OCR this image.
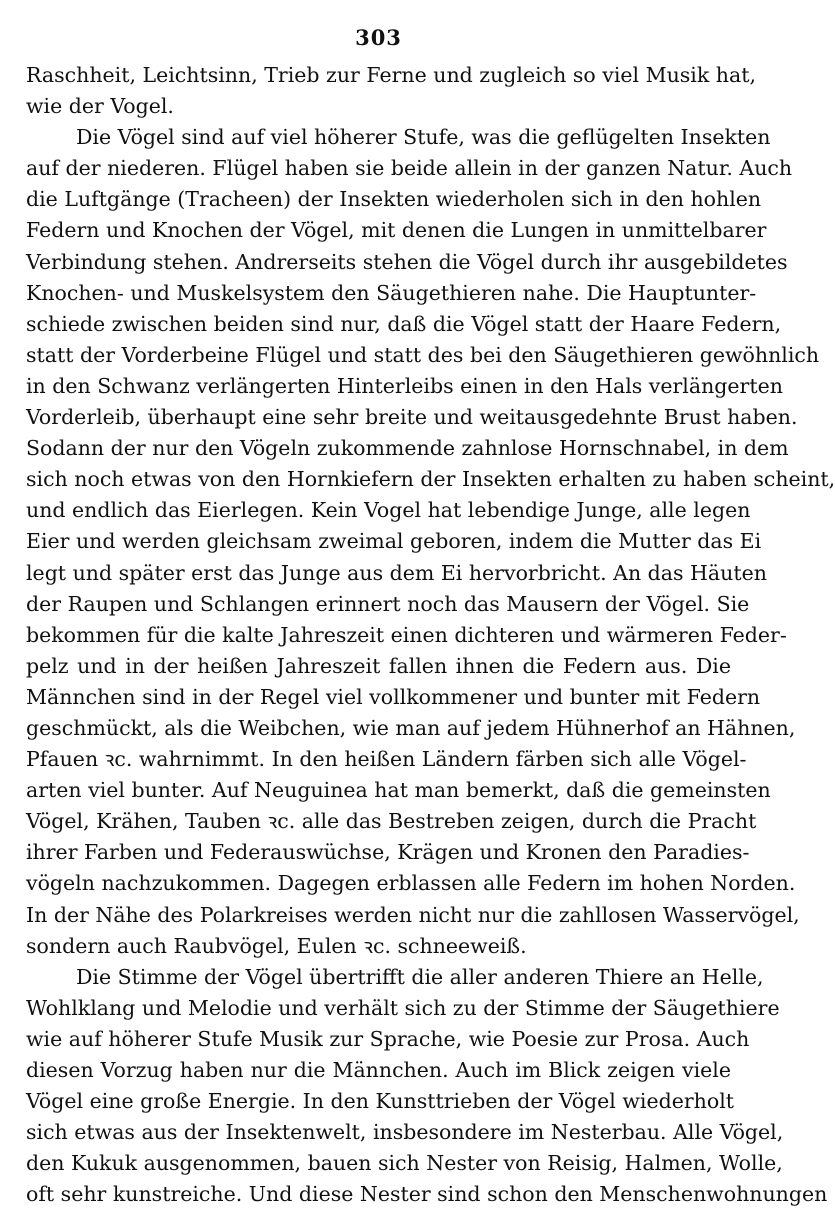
303
Raschheit, Leichtsinn, Trieb zur Ferne und zugleich so viel Musik hat,
wie der Vogel.
Die Vögel sind auf viel höherer Stufe, was die geflügelten Insekten
auf der niederen. Flügel haben sie beide allein in der ganzen Natur. Auch
die Luftgänge (Tracheen) der Insekten wiederholen sich in den hohlen
Federn und Knochen der Vögel, mit denen die Lungen in unmittelbarer
Verbindung stehen. Andrerseits stehen die Vögel durch ihr ausgebildetes
Knochen- und Muskelsystem den Säugethieren nahe. Die Hauptunter-
schiede zwischen beiden sind nur, daß die Vögel statt der Haare Federn,
statt der Vorderbeine Flügel und statt des bei den Säugethieren gewöhnlich
in den Schwanz verlängerten Hinterleibs einen in den Hals verlängerten
Vorderleib, überhaupt eine sehr breite und weitausgedehnte Brust haben.
Sodann der nur den Vögeln zukommende zahnlose Hornschnabel, in dem
sich noch etwas von den Hornkiefern der Insekten erhalten zu haben scheint,
und endlich das Eierlegen. Kein Vogel hat lebendige Junge, alle legen
Eier und werden gleichsam zweimal geboren, indem die Mutter das Ei
legt und später erst das Junge aus dem Ei hervorbricht. An das Häuten
der Raupen und Schlangen erinnert noch das Mausern der Vögel. Sie
bekommen für die kalte Jahreszeit einen dichteren und wärmeren Feder-
pelz und in der heißen Jahreszeit fallen ihnen die Federn aus. Die
Männchen sind in der Regel viel vollkommener und bunter mit Federn
geschmückt, als die Weibchen, wie man auf jedem Hühnerhof an Hähnen,
Pfauen ꝛc. wahrnimmt. In den heißen Ländern färben sich alle Vögel-
arten viel bunter. Auf Neuguinea hat man bemerkt, daß die gemeinsten
Vögel, Krähen, Tauben ꝛc. alle das Bestreben zeigen, durch die Pracht
ihrer Farben und Federauswüchse, Krägen und Kronen den Paradies-
vögeln nachzukommen. Dagegen erblassen alle Federn im hohen Norden.
In der Nähe des Polarkreises werden nicht nur die zahllosen Wasservögel,
sondern auch Raubvögel, Eulen ꝛc. schneeweiß.
Die Stimme der Vögel übertrifft die aller anderen Thiere an Helle,
Wohlklang und Melodie und verhält sich zu der Stimme der Säugethiere
wie auf höherer Stufe Musik zur Sprache, wie Poesie zur Prosa. Auch
diesen Vorzug haben nur die Männchen. Auch im Blick zeigen viele
Vögel eine große Energie. In den Kunsttrieben der Vögel wiederholt
sich etwas aus der Insektenwelt, insbesondere im Nesterbau. Alle Vögel,
den Kukuk ausgenommen, bauen sich Nester von Reisig, Halmen, Wolle,
oft sehr kunstreiche. Und diese Nester sind schon den Menschenwohnungen
